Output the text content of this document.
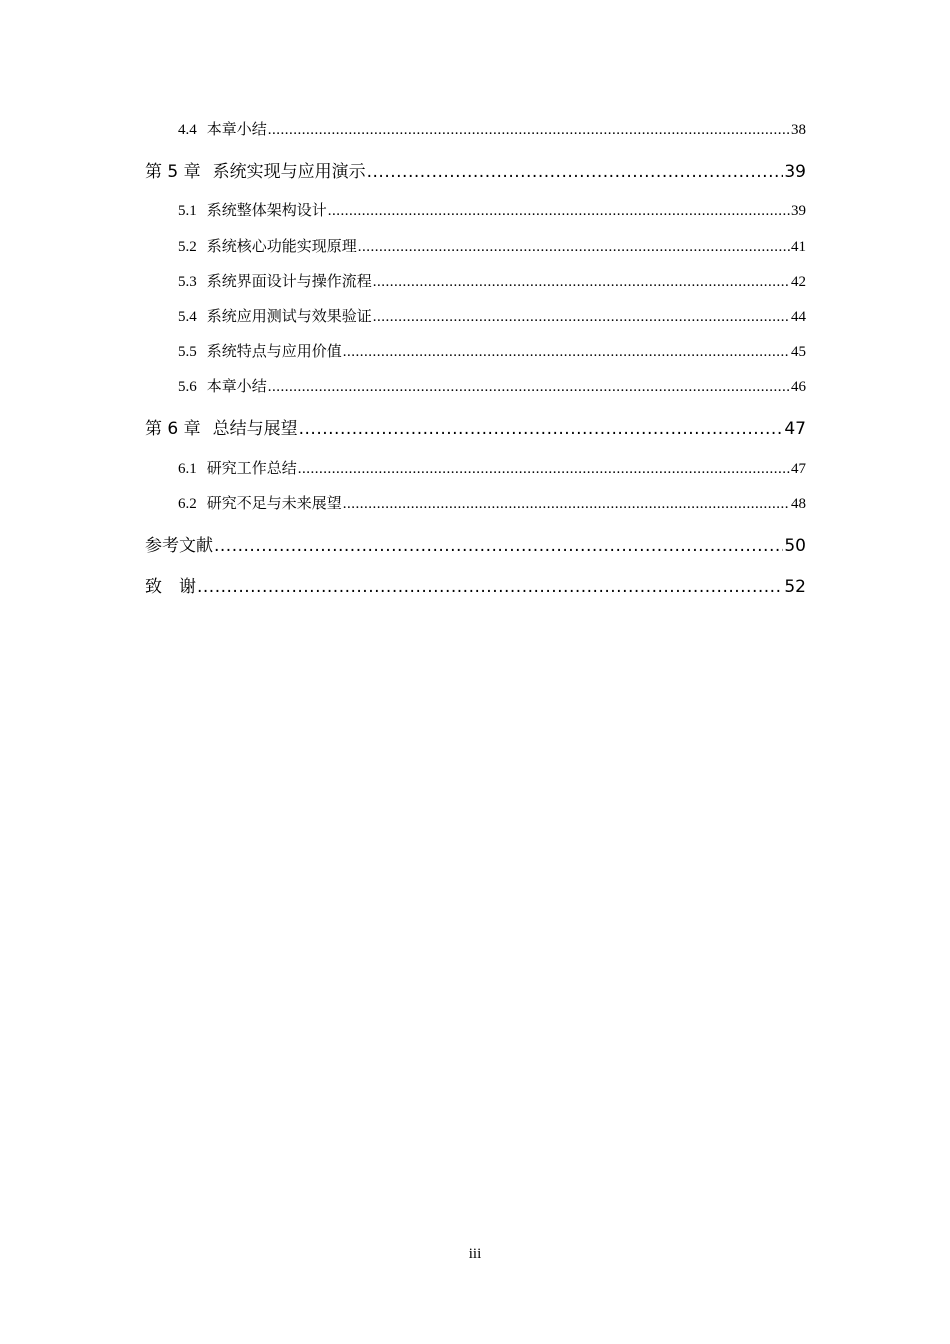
4.4 本章小结 .....	38
第 5 章 系统实现与应用演示 .....	39
5.1 系统整体架构设计 .....	39
5.2 系统核心功能实现原理 .....	41
5.3 系统界面设计与操作流程 .....	42
5.4 系统应用测试与效果验证 .....	44
5.5 系统特点与应用价值 .....	45
5.6 本章小结 .....	46
第 6 章 总结与展望 .....	47
6.1 研究工作总结 .....	47
6.2 研究不足与未来展望 .....	48
参考文献 .....	50
致　谢 .....	52
iii
